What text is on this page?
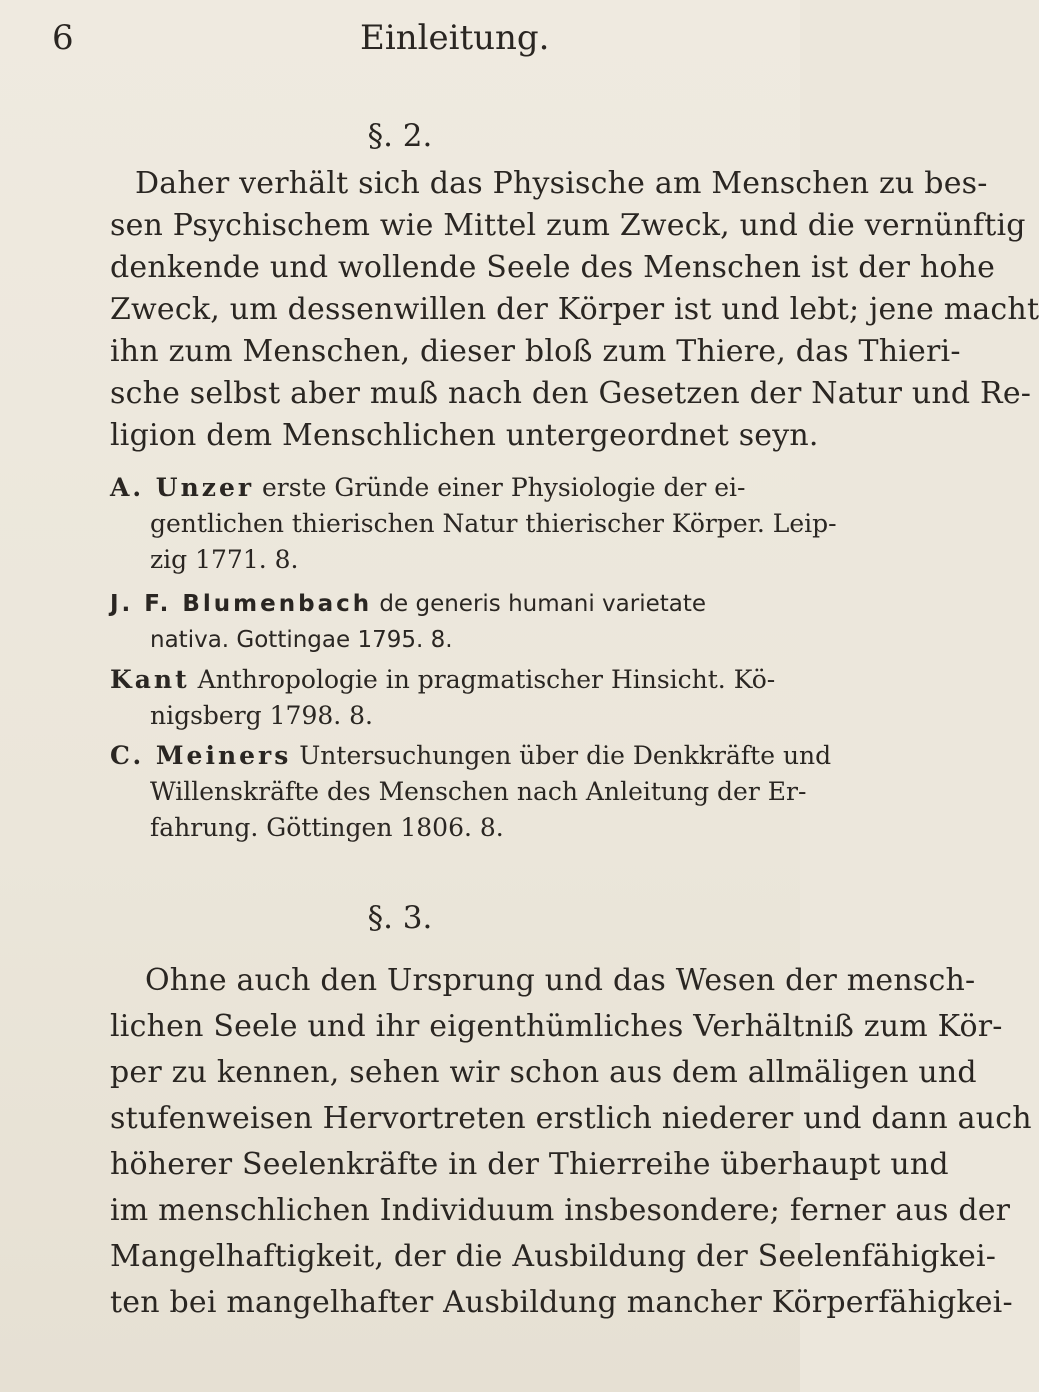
6	Einleitung.
§. 2.
Daher verhält sich das Physische am Menschen zu bes-
sen Psychischem wie Mittel zum Zweck, und die vernünftig
denkende und wollende Seele des Menschen ist der hohe
Zweck, um dessenwillen der Körper ist und lebt; jene macht
ihn zum Menschen, dieser bloß zum Thiere, das Thieri-
sche selbst aber muß nach den Gesetzen der Natur und Re-
ligion dem Menschlichen untergeordnet seyn.
A. Unzer erste Gründe einer Physiologie der ei-
gentlichen thierischen Natur thierischer Körper. Leip-
zig 1771. 8.
J. F. Blumenbach de generis humani varietate
nativa. Gottingae 1795. 8.
Kant Anthropologie in pragmatischer Hinsicht. Kö-
nigsberg 1798. 8.
C. Meiners Untersuchungen über die Denkkräfte und
Willenskräfte des Menschen nach Anleitung der Er-
fahrung. Göttingen 1806. 8.
§. 3.
Ohne auch den Ursprung und das Wesen der mensch-
lichen Seele und ihr eigenthümliches Verhältniß zum Kör-
per zu kennen, sehen wir schon aus dem allmäligen und
stufenweisen Hervortreten erstlich niederer und dann auch
höherer Seelenkräfte in der Thierreihe überhaupt und
im menschlichen Individuum insbesondere; ferner aus der
Mangelhaftigkeit, der die Ausbildung der Seelenfähigkei-
ten bei mangelhafter Ausbildung mancher Körperfähigkei-
